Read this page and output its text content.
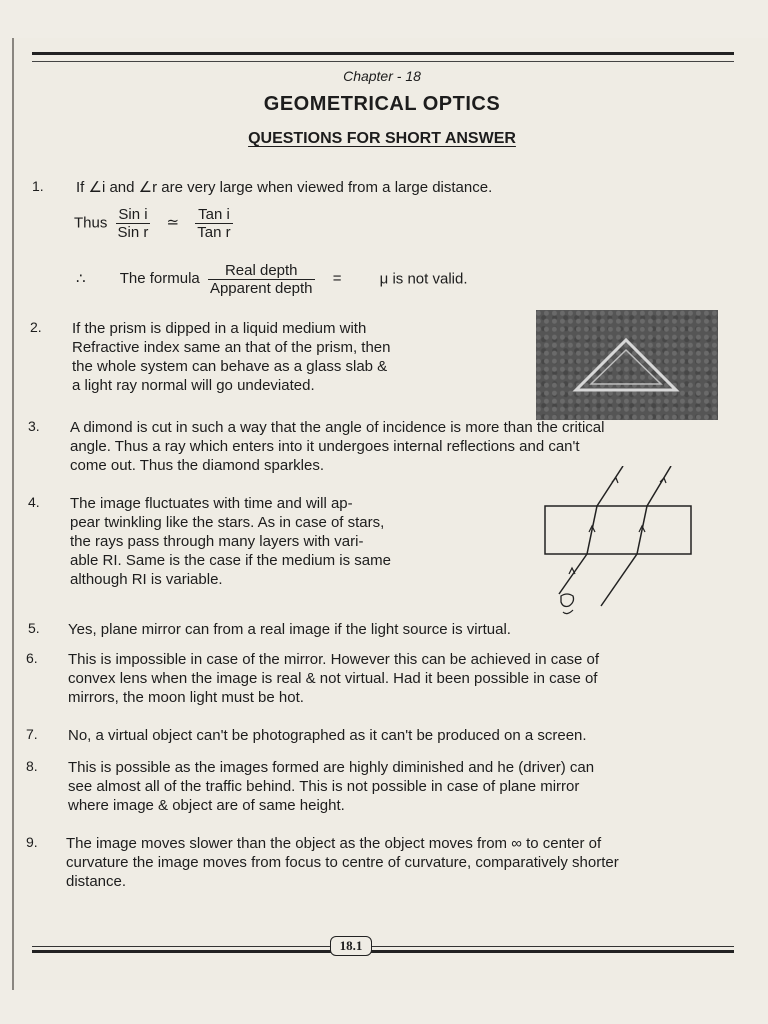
Chapter - 18
GEOMETRICAL OPTICS
QUESTIONS FOR SHORT ANSWER
1.	If ∠i and ∠r are very large when viewed from a large distance.
Thus $\frac{\text{Sin i}}{\text{Sin r}}$ ≃ $\frac{\text{Tan i}}{\text{Tan r}}$
∴ The formula $\frac{\text{Real depth}}{\text{Apparent depth}}$ =	μ is not valid.
2.	If the prism is dipped in a liquid medium with
Refractive index same an that of the prism, then
the whole system can behave as a glass slab &
a light ray normal will go undeviated.
3.	A dimond is cut in such a way that the angle of incidence is more than the critical
angle. Thus a ray which enters into it undergoes internal reflections and can't
come out. Thus the diamond sparkles.
4.	The image fluctuates with time and will ap-
pear twinkling like the stars. As in case of stars,
the rays pass through many layers with vari-
able RI. Same is the case if the medium is same
although RI is variable.
5.	Yes, plane mirror can from a real image if the light source is virtual.
6.	This is impossible in case of the mirror. However this can be achieved in case of
convex lens when the image is real & not virtual. Had it been possible in case of
mirrors, the moon light must be hot.
7.	No, a virtual object can't be photographed as it can't be produced on a screen.
8.	This is possible as the images formed are highly diminished and he (driver) can
see almost all of the traffic behind. This is not possible in case of plane mirror
where image & object are of same height.
9.	The image moves slower than the object as the object moves from ∞ to center of
curvature the image moves from focus to centre of curvature, comparatively shorter
distance.
18.1
